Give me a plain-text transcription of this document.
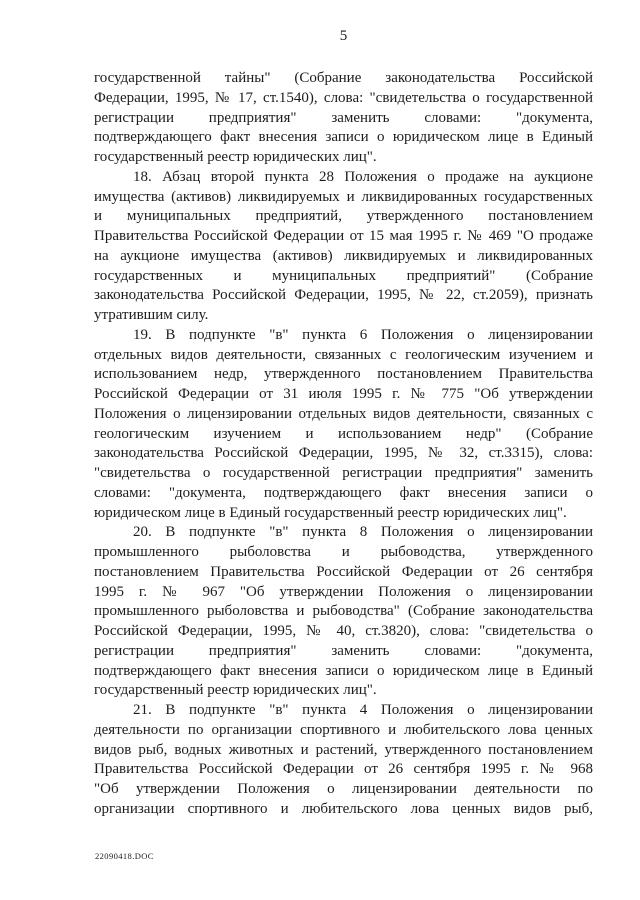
5
государственной тайны" (Собрание законодательства Российской
Федерации, 1995, № 17, ст.1540), слова: "свидетельства о государственной
регистрации предприятия" заменить словами: "документа,
подтверждающего факт внесения записи о юридическом лице в Единый
государственный реестр юридических лиц".
18. Абзац второй пункта 28 Положения о продаже на аукционе
имущества (активов) ликвидируемых и ликвидированных государственных
и муниципальных предприятий, утвержденного постановлением
Правительства Российской Федерации от 15 мая 1995 г. № 469 "О продаже
на аукционе имущества (активов) ликвидируемых и ликвидированных
государственных и муниципальных предприятий" (Собрание
законодательства Российской Федерации, 1995, № 22, ст.2059), признать
утратившим силу.
19. В подпункте "в" пункта 6 Положения о лицензировании
отдельных видов деятельности, связанных с геологическим изучением и
использованием недр, утвержденного постановлением Правительства
Российской Федерации от 31 июля 1995 г. № 775 "Об утверждении
Положения о лицензировании отдельных видов деятельности, связанных с
геологическим изучением и использованием недр" (Собрание
законодательства Российской Федерации, 1995, № 32, ст.3315), слова:
"свидетельства о государственной регистрации предприятия" заменить
словами: "документа, подтверждающего факт внесения записи о
юридическом лице в Единый государственный реестр юридических лиц".
20. В подпункте "в" пункта 8 Положения о лицензировании
промышленного рыболовства и рыбоводства, утвержденного
постановлением Правительства Российской Федерации от 26 сентября
1995 г. № 967 "Об утверждении Положения о лицензировании
промышленного рыболовства и рыбоводства" (Собрание законодательства
Российской Федерации, 1995, № 40, ст.3820), слова: "свидетельства о
регистрации предприятия" заменить словами: "документа,
подтверждающего факт внесения записи о юридическом лице в Единый
государственный реестр юридических лиц".
21. В подпункте "в" пункта 4 Положения о лицензировании
деятельности по организации спортивного и любительского лова ценных
видов рыб, водных животных и растений, утвержденного постановлением
Правительства Российской Федерации от 26 сентября 1995 г. № 968
"Об утверждении Положения о лицензировании деятельности по
организации спортивного и любительского лова ценных видов рыб,
22090418.DOC
